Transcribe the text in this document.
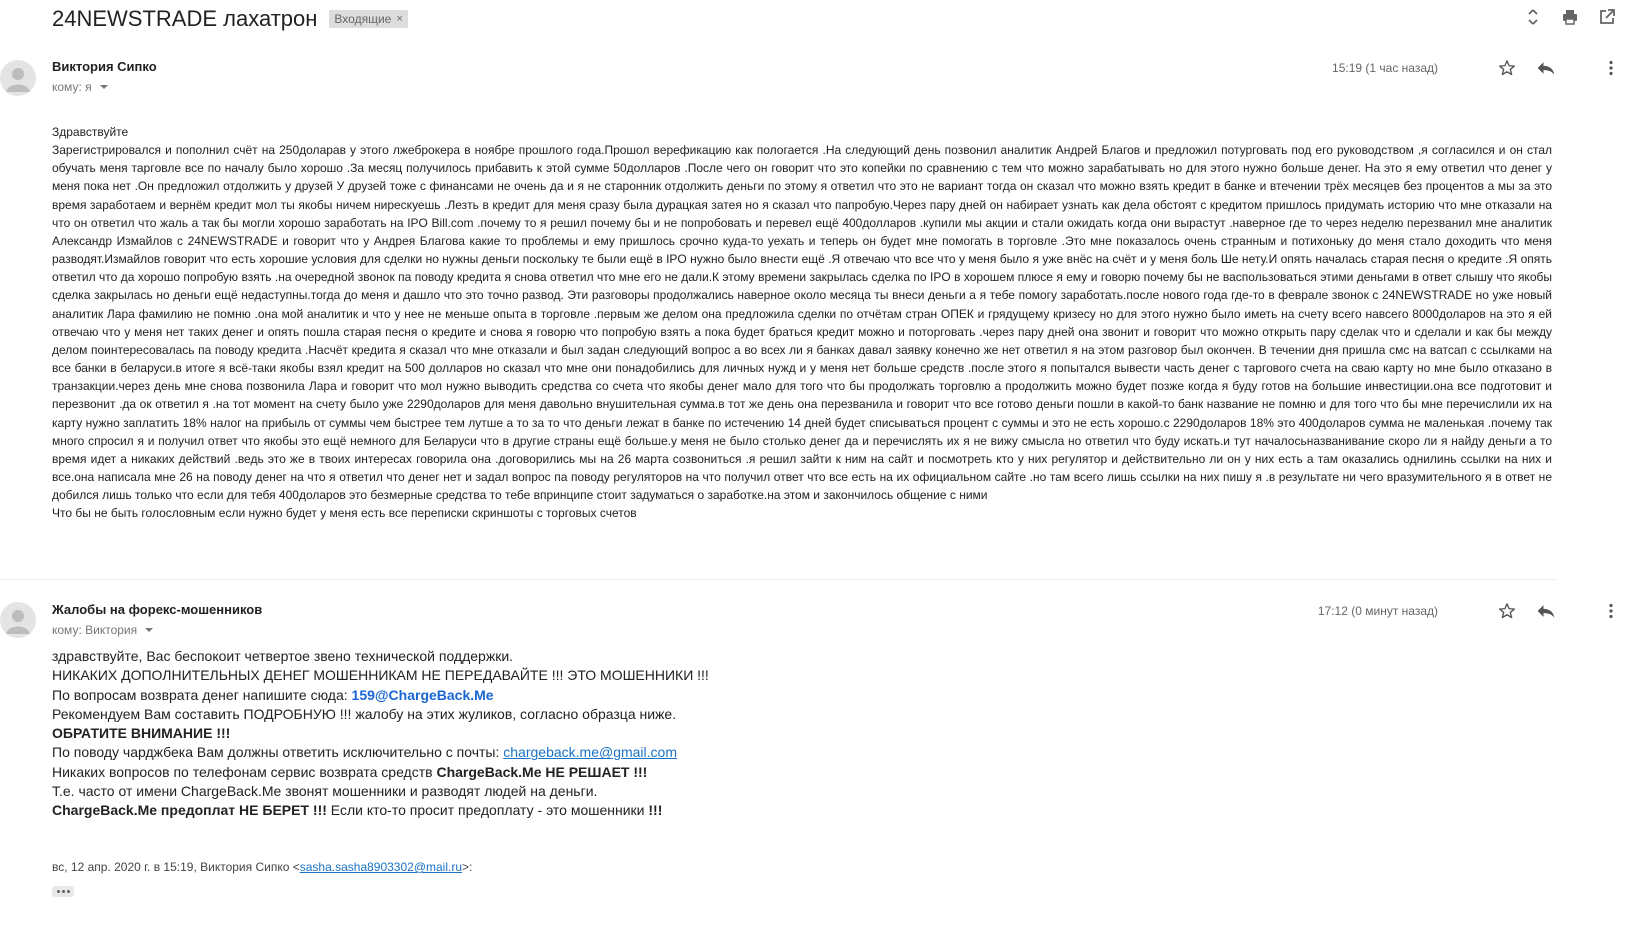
24NEWSTRADE лахатрон Входящие ×
Виктория Сипко
кому: я
15:19 (1 час назад)

Здравствуйте

Зарегистрировался и пополнил счёт на 250доларав у этого лжеброкера в ноябре прошлого года.Прошол верефикацию как пологается .На следующий день позвонил аналитик Андрей Благов и предложил потурговать под его руководством ,я согласился и он стал обучать меня таргoвле все по началу было хорошо .За месяц получилось прибавить к этой сумме 50долларов .После чего он говорит что это копейки по сравнению с тем что можно зарабатывать но для этого нужно больше денег. На это я ему ответил что денег у меня пока нет .Он предложил отдолжить у друзей У друзей тоже с финансами не очень да и я не старонник отдолжить деньги по этому я ответил что это не вариант тогда он сказал что можно взять кредит в банке и втечении трёх месяцев без процентов а мы за это время заработаем и вернём кредит мол ты якобы ничем нирескуешь .Лезть в кредит для меня сразу была дурацкая затея но я сказал что папробую.Через пару дней он набирает узнать как дела обстоят с кредитом пришлось придумать историю что мне отказали на что он ответил что жаль а так бы могли хорошо заработать на IPO Bill.com .почему то я решил почему бы и не попробовать и перевел ещё 400долларов .купили мы акции и стали ожидать когда они вырастут .наверное где то через неделю перезванил мне аналитик Александр Измайлов с 24NEWSTRADE и говорит что у Андрея Благова какие то проблемы и ему пришлось срочно куда-то уехать и теперь он будет мне помогать в торговле .Это мне показалось очень странным и потихоньку до меня стало доходить что меня разводят.Измайлов говорит что есть хорошие условия для сделки но нужны деньги поскольку те были ещё в IPO нужно было внести ещё .Я отвечаю что все что у меня было я уже внёс на счёт и у меня боль Ше нету.И опять началась старая песня о кредите .Я опять ответил что да хорошо попробую взять .на очередной звонок па поводу кредита я снова ответил что мне его не дали.К этому времени закрылась сделка по IPO в хорошем плюсе я ему и говорю почему бы не васпользоваться этими деньгами в ответ слышу что якобы сделка закрылась но деньги ещё недаступны.тогда до меня и дашло что это точно развод. Эти разговоры продолжались наверное около месяца ты внеси деньги а я тебе помогу заработать.после нового года где-то в феврале звонок с 24NEWSTRADE но уже новый аналитик Лара фамилию не помню .она мой аналитик и что у нее не меньше опыта в торговле .первым же делом она предложила сделки по отчётам стран ОПЕК и грядущему кризесу но для этого нужно было иметь на счету всего навсего 8000доларов на это я ей отвечаю что у меня нет таких денег и опять пошла старая песня о кредите и снова я говорю что попробую взять а пока будет браться кредит можно и поторговать .через пару дней она звонит и говорит что можно открыть пару сделак что и сделали и как бы между делом поинтересовалась па поводу кредита .Насчёт кредита я сказал что мне отказали и был задан следующий вопрос а во всех ли я банках давал заявку конечно же нет ответил я на этом разговор был окончен. В течении дня пришла смс на ватсап с ссылками на все банки в беларуси.в итоге я всё-таки якобы взял кредит на 500 долларов но сказал что мне они понадобились для личных нужд и у меня нет больше средств .после этого я попытался вывести часть денег с таргового счета на сваю карту но мне было отказано в транзакции.через день мне снова позвонила Лара и говорит что мол нужно выводить средства со счета что якобы денег мало для того что бы продолжать торговлю а продолжить можно будет позже когда я буду готов на большие инвестиции.она все подготовит и перезвонит .да ок ответил я .на тот момент на счету было уже 2290доларов для меня давольно внушительная сумма.в тот же день она перезванила и говорит что все готово деньги пошли в какой-то банк название не помню и для того что бы мне перечислили их на карту нужно заплатить 18% налог на прибыль от суммы чем быстрее тем лутше а то за то что деньги лежат в банке по истечению 14 дней будет списываться процент с суммы и это не есть хорошо.с 2290доларов 18% это 400доларов сумма не маленькая .почему так много спросил я и получил ответ что якобы это ещё немного для Беларуси что в другие страны ещё больше.у меня не было столько денег да и перечислять их я не вижу смысла но ответил что буду искать.и тут началосьназванивание скоро ли я найду деньги а то время идет а никаких действий .ведь это же в твоих интересах говорила она .договорились мы на 26 марта созвониться .я решил зайти к ним на сайт и посмотреть кто у них регулятор и действительно ли он у них есть а там оказались однилинь ссылки на них и все.она написала мне 26 на поводу денег на что я ответил что денег нет и задал вопрос па поводу регуляторов на что получил ответ что все есть на их официальном сайте .но там всего лишь ссылки на них пишу я .в результате ни чего вразумительного я в ответ не добился лишь только что если для тебя 400доларов это безмерные средства то тебе впринципе стоит задуматься о заработке.на этом и закончилось общение с ними

Что бы не быть голословным если нужно будет у меня есть все переписки скриншоты с торговых счетов

Жалобы на форекс-мошенников
кому: Виктория
17:12 (0 минут назад)

здравствуйте, Вас беспокоит четвертое звено технической поддержки.

НИКАКИХ ДОПОЛНИТЕЛЬНЫХ ДЕНЕГ МОШЕННИКАМ НЕ ПЕРЕДАВАЙТЕ !!! ЭТО МОШЕННИКИ !!!

По вопросам возврата денег напишите сюда: 159@ChargeBack.Me

Рекомендуем Вам составить ПОДРОБНУЮ !!! жалобу на этих жуликов, согласно образца ниже.

ОБРАТИТЕ ВНИМАНИЕ !!!

По поводу чарджбека Вам должны ответить исключительно с почты: chargeback.me@gmail.com

Никаких вопросов по телефонам сервис возврата средств ChargeBack.Me НЕ РЕШАЕТ !!!

Т.е. часто от имени ChargeBack.Me звонят мошенники и разводят людей на деньги.

ChargeBack.Me предоплат НЕ БЕРЕТ !!! Если кто-то просит предоплату - это мошенники !!!

вс, 12 апр. 2020 г. в 15:19, Виктория Сипко <sasha.sasha8903302@mail.ru>:
